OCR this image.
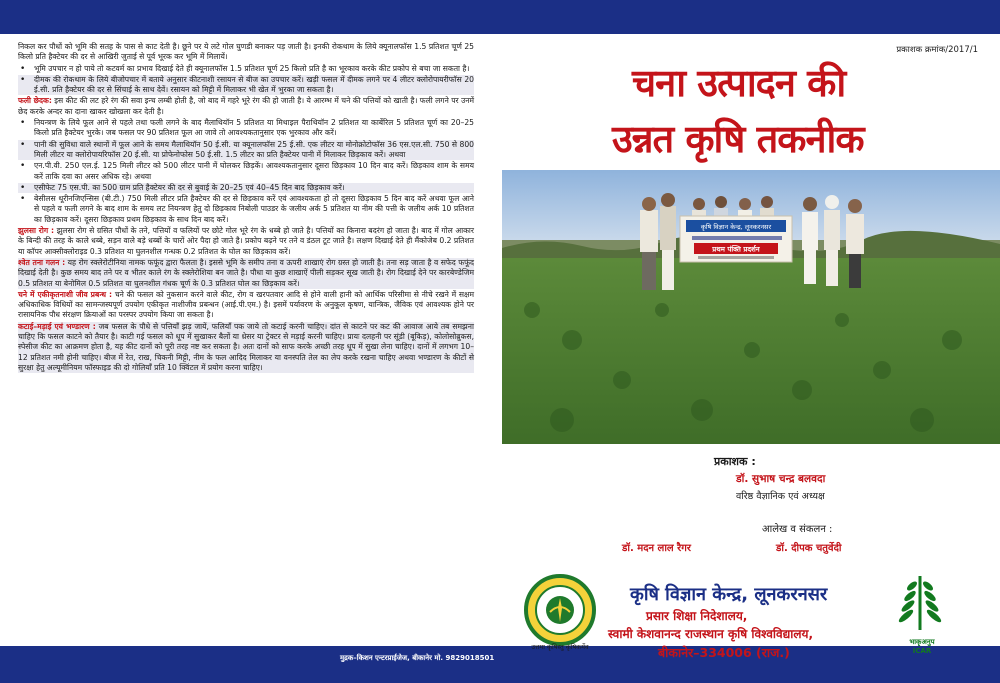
मुद्रक–किशन एन्टरप्राईजेज, बीकानेर मो. 9829018501

निकल कर पौधों को भूमि की सतह के पास से काट देती है। छूने पर ये लटे गोल घुणडी बनाकर पड़ जाती है। इनकी रोकथाम के लिये क्यूनालफॉस 1.5 प्रतिशत चूर्ण 25 किलो प्रति हैक्टेयर की दर से आखिरी जुताई से पूर्व भूरक कर भूमि में मिलायें।

• भूमि उपचार न हो पाये तो कटवर्म का प्रभाव दिखाई देते ही क्यूनालफॉस 1.5 प्रतिशत चूर्ण 25 किलो प्रति है का भूरकाव करके कीट प्रकोप से बचा जा सकता है।
• दीमक की रोकथाम के लिये बीजोपचार में बताये अनुसार कीटनाशी रसायन से बीज का उपचार करें। खड़ी फसल में दीमक लगने पर 4 लीटर क्लोरोपायरीफॉस 20 ई.सी. प्रति हैक्टेयर की दर से सिंचाई के साथ देवें। रसायन को मिट्टी में मिलाकर भी खेत में भुरका जा सकता है।

फली छेदक: इस कीट की लट हरे रंग की सवा इन्च लम्बी होती है, जो बाद में गहरे भूरे रंग की हो जाती है। ये आरम्भ में चने की पत्तियों को खाती है। फली लगने पर उनमें छेद करके अन्दर का दाना खाकर खोखला कर देती है।

• नियन्त्रण के लिये फूल आने से पहले तथा फली लगने के बाद मैलाथियॉन 5 प्रतिशत या मिथाइल पैराथियॉन 2 प्रतिशत या कार्बेरिल 5 प्रतिशत चूर्ण का 20–25 किलो प्रति हैक्टेयर भुरके। जब फसल पर 90 प्रतिशत फूल आ जावे तो आवश्यकतानुसार एक भुरकाव और करें।
• पानी की सुविधा वाले स्थानों में फूल आने के समय मैलाथियॉन 50 ई.सी. या क्यूनालफॉस 25 ई.सी. एक लीटर या मोनोक्रोटोफॉस 36 एस.एल.सी. 750 से 800 मिली लीटर या क्लोरोपायरिफॉस 20 ई.सी. या प्रोफेनोफोस 50 ई.सी. 1.5 लीटर का प्रति हैक्टेयर पानी में मिलाकर छिड़काव करें। अथवा
• एन.पी.वी. 250 एल.ई. 125 मिली लीटर को 500 लीटर पानी में घोलकर छिड़कें। आवश्यकतानुसार दूसरा छिड़काव 10 दिन बाद करें। छिड़काव शाम के समय करें ताकि दवा का असर अधिक रहे। अथवा
• एसीफेट 75 एस.पी. का 500 ग्राम प्रति हैक्टेयर की दर से बुवाई के 20–25 एवं 40–45 दिन बाद छिड़काव करें।
• बेसीलस थूरीनजिएन्सिस (बी.टी.) 750 मिली लीटर प्रति हैक्टेयर की दर से छिड़काव करें एवं आवश्यकता हो तो दूसरा छिड़काव 5 दिन बाद करें अथवा फूल आने से पहले व फली लगने के बाद शाम के समय लट नियन्त्रण हेतु दो छिड़काव निबोली पाउडर के जलीय अर्क 5 प्रतिशत या नीम की पत्ती के जलीय अर्क 10 प्रतिशत का छिड़काव करें। दूसरा छिड़काव प्रथम छिड़काव के साथ दिन बाद करें।

झुलसा रोग : झुलसा रोग से ग्रसित पौधों के तने, पत्तियों व फलियों पर छोटे गोल भूरे रंग के धब्बे हो जाते है। पत्तियों का किनारा बदरंग हो जाता है। बाद में गोल आकार के बिन्दी की तरह के काले धब्बे, सड़न वाले बड़े धब्बों के चारों ओर पैदा हो जाते है। प्रकोप बढ़ने पर तने व डंठल टूट जाते है। लक्षण दिखाई देते ही मैंकोजेब 0.2 प्रतिशत या कॉपर आक्सीक्लोराइड 0.3 प्रतिशत या घुलनशील गन्धक 0.2 प्रतिशत के घोल का छिड़काव करें।

श्वेत तना गलन : यह रोग स्क्लेरोटीनिया नामक फफूंद द्वारा फैलता है। इससे भूमि के समीप तना व ऊपरी शाखाएं रोग ग्रस्त हो जाती है। तना सड़ जाता है व सफेद फफूंद दिखाई देती है। कुछ समय बाद तने पर व भीतर काले रंग के स्क्लेरोशिया बन जाते है। पौधा या कुछ शाखाऐं पीली सड़कर सूख जाती है। रोग दिखाई देने पर कारबेण्डेजिम 0.5 प्रतिशत या बेनोमिल 0.5 प्रतिशत या घुलनशील गंधक चूर्ण के 0.3 प्रतिशत घोल का छिड़काव करें।

चने में एकीकृतनाशी जीव प्रबन्ध : चने की फसल को नुकसान करने वाले कीट, रोग व खरपतवार आदि से होने वाली हानी को आर्थिक परिसीमा से नीचे रखने में सक्षम अधिकाधिक विधियों का सामन्जस्यपूर्ण उपयोग एकीकृत नाशीजीव प्रबन्धन (आई.पी.एम.) है। इसमें पर्यावरण के अनुकूल कृषण, यान्त्रिक, जैविक एवं आवश्यक होने पर रासायनिक पौध संरक्षण क्रियाओं का परस्पर उपयोग किया जा सकता है।

कटाई–मड़ाई एवं भण्डारण : जब फसल के पौधे से पत्तियाँ झड़ जायें, फलियाँ पक जाये तो कटाई करनी चाहिए। दांत से काटने पर कट की आवाज आये तब समझना चाहिए कि फसल काटने को तैयार है। काटी गई फसल को धूप में सुखाकर बैलों या थ्रेसर या ट्रेक्टर से मड़ाई करनी चाहिए। प्रायः दलहनी पर सूंडी (बूकिड़), कोलोसोब्रुकस, स्पेसीज कीट का आक्रमण होता है, यह कीट दानों को पूरी तरह नष्ट कर सकता है। अतः दानों को साफ करके अच्छी तरह धूप में सुखा लेना चाहिए। दानों में लगभग 10–12 प्रतिशत नमी होनी चाहिए। बीज में रेत, राख, चिकनी मिट्टी, नीम के फल आदिद मिलाकर या वनस्पति तेल का लेप करके रखना चाहिए अथवा भण्डारण के कीटों से सुरक्षा हेतु अल्यूमीनियम फॉस्फाइड की दो गोलियाँ प्रति 10 क्विंटल में प्रयोग करना चाहिए।

प्रकाशक क्रमांक/2017/1
चना उत्पादन की
उन्नत कृषि तकनीक
कृषि विज्ञान केन्द्र, लूनकरनसर
प्रथम पंक्ति प्रदर्शन
प्रकाशक :
डॉ. सुभाष चन्द्र बलवदा
वरिष्ठ वैज्ञानिक एवं अध्यक्ष
आलेख व संकलन :
डॉ. मदन लाल रैगर	डॉ. दीपक चतुर्वेदी
उत्तमा कृषिस्तु कृषिकर्मेव
कृषि विज्ञान केन्द्र, लूनकरनसर
प्रसार शिक्षा निदेशालय,
स्वामी केशवानन्द राजस्थान कृषि विश्वविद्यालय,
बीकानेर–334006 (राज.)
भाकृअनुप
ICAR
